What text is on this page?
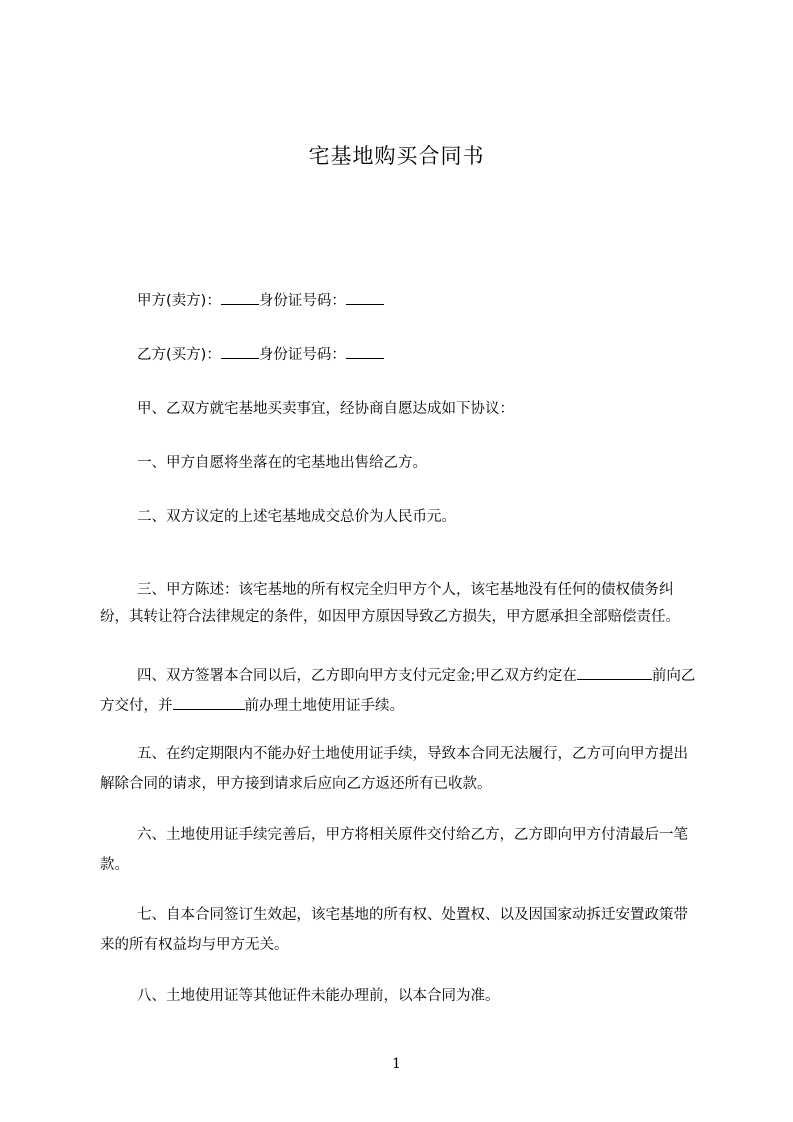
宅基地购买合同书
甲方(卖方)：	身份证号码：
乙方(买方)：	身份证号码：
甲、乙双方就宅基地买卖事宜，经协商自愿达成如下协议：
一、甲方自愿将坐落在的宅基地出售给乙方。
二、双方议定的上述宅基地成交总价为人民币元。
三、甲方陈述：该宅基地的所有权完全归甲方个人，该宅基地没有任何的债权债务纠纷，其转让符合法律规定的条件，如因甲方原因导致乙方损失，甲方愿承担全部赔偿责任。
四、双方签署本合同以后，乙方即向甲方支付元定金;甲乙双方约定在	前向乙方交付，并	前办理土地使用证手续。
五、在约定期限内不能办好土地使用证手续，导致本合同无法履行，乙方可向甲方提出解除合同的请求，甲方接到请求后应向乙方返还所有已收款。
六、土地使用证手续完善后，甲方将相关原件交付给乙方，乙方即向甲方付清最后一笔款。
七、自本合同签订生效起，该宅基地的所有权、处置权、以及因国家动拆迁安置政策带来的所有权益均与甲方无关。
八、土地使用证等其他证件未能办理前，以本合同为准。
1
